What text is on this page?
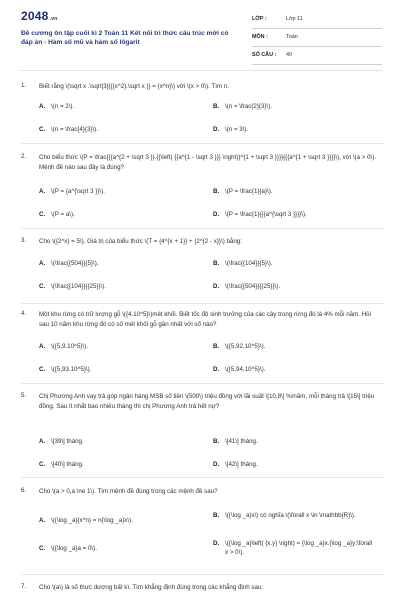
2048.vn
Đề cương ôn tập cuối kì 2 Toán 11 Kết nối tri thức cấu trúc mới có đáp án - Hàm số mũ và hàm số lôgarit
LỚP :	Lớp 11
MÔN :	Toán
SỐ CÂU : 40
1. Biết rằng \(\sqrt x .\sqrt[3]{{{x^2}.\sqrt x }} = {x^n}\) với \(x > 0\). Tìm n.
A. \(n = 2\).	B. \(n = \frac{2}{3}\).
C. \(n = \frac{4}{3}\).	D. \(n = 3\).
2. Cho biểu thức \(P = \frac{{{a^{2 + \sqrt 3 }}.{{\left( {{a^{1 - \sqrt 3 }}} \right)}^{1 + \sqrt 3 }}}}{{{a^{1 + \sqrt 3 }}}}\), với \(a > 0\). Mệnh đề nào sau đây là đúng?
A. \(P = {a^{\sqrt 3 }}\).	B. \(P = \frac{1}{a}\).
C. \(P = a\).	D. \(P = \frac{1}{{{a^{\sqrt 3 }}}}\).
3. Cho \({2^x} = 5\). Giá trị của biểu thức \(T = {4^{x + 1}} + {2^{2 - x}}\) bằng:
A. \(\frac{{504}}{5}\).	B. \(\frac{{104}}{5}\).
C. \(\frac{{104}}{{25}}\).	D. \(\frac{{504}}{{25}}\).
4. Một khu rừng có trữ lượng gỗ \({4.10^5}\)mét khối. Biết tốc độ sinh trưởng của các cây trong rừng đó là 4% mỗi năm. Hỏi sau 10 năm khu rừng đó có số mét khối gỗ gần nhất với số nào?
A. \({5,9.10^5}\).	B. \({5,92.10^5}\).
C. \({5,93.10^5}\).	D. \({5,94.10^5}\).
5. Chị Phương Anh vay trả góp ngân hàng MSB số tiền \(500\) triệu đồng với lãi suất \[10,8\] %/năm, mỗi tháng trả \[15\] triệu đồng. Sau ít nhất bao nhiêu tháng thì chị Phương Anh trả hết nợ?
A. \[39\] tháng.	B. \[41\] tháng.
C. \[40\] tháng.	D. \[42\] tháng.
6. Cho \(a > 0,a \ne 1\). Tìm mệnh đề đúng trong các mệnh đề sau?
A. \({\log _a}{x^n} = n{\log _a}x\).
B. \({\log _a}x\) có nghĩa \(\forall x \in \mathbb{R}\).
C. \({\log _a}a = 0\).
D. \({\log _a}\left( {x.y} \right) = {\log _a}x.{\log _a}y;\forall x > 0\).
7. Cho \(a\) là số thực dương bất kì. Tìm khẳng định đúng trong các khẳng định sau:
